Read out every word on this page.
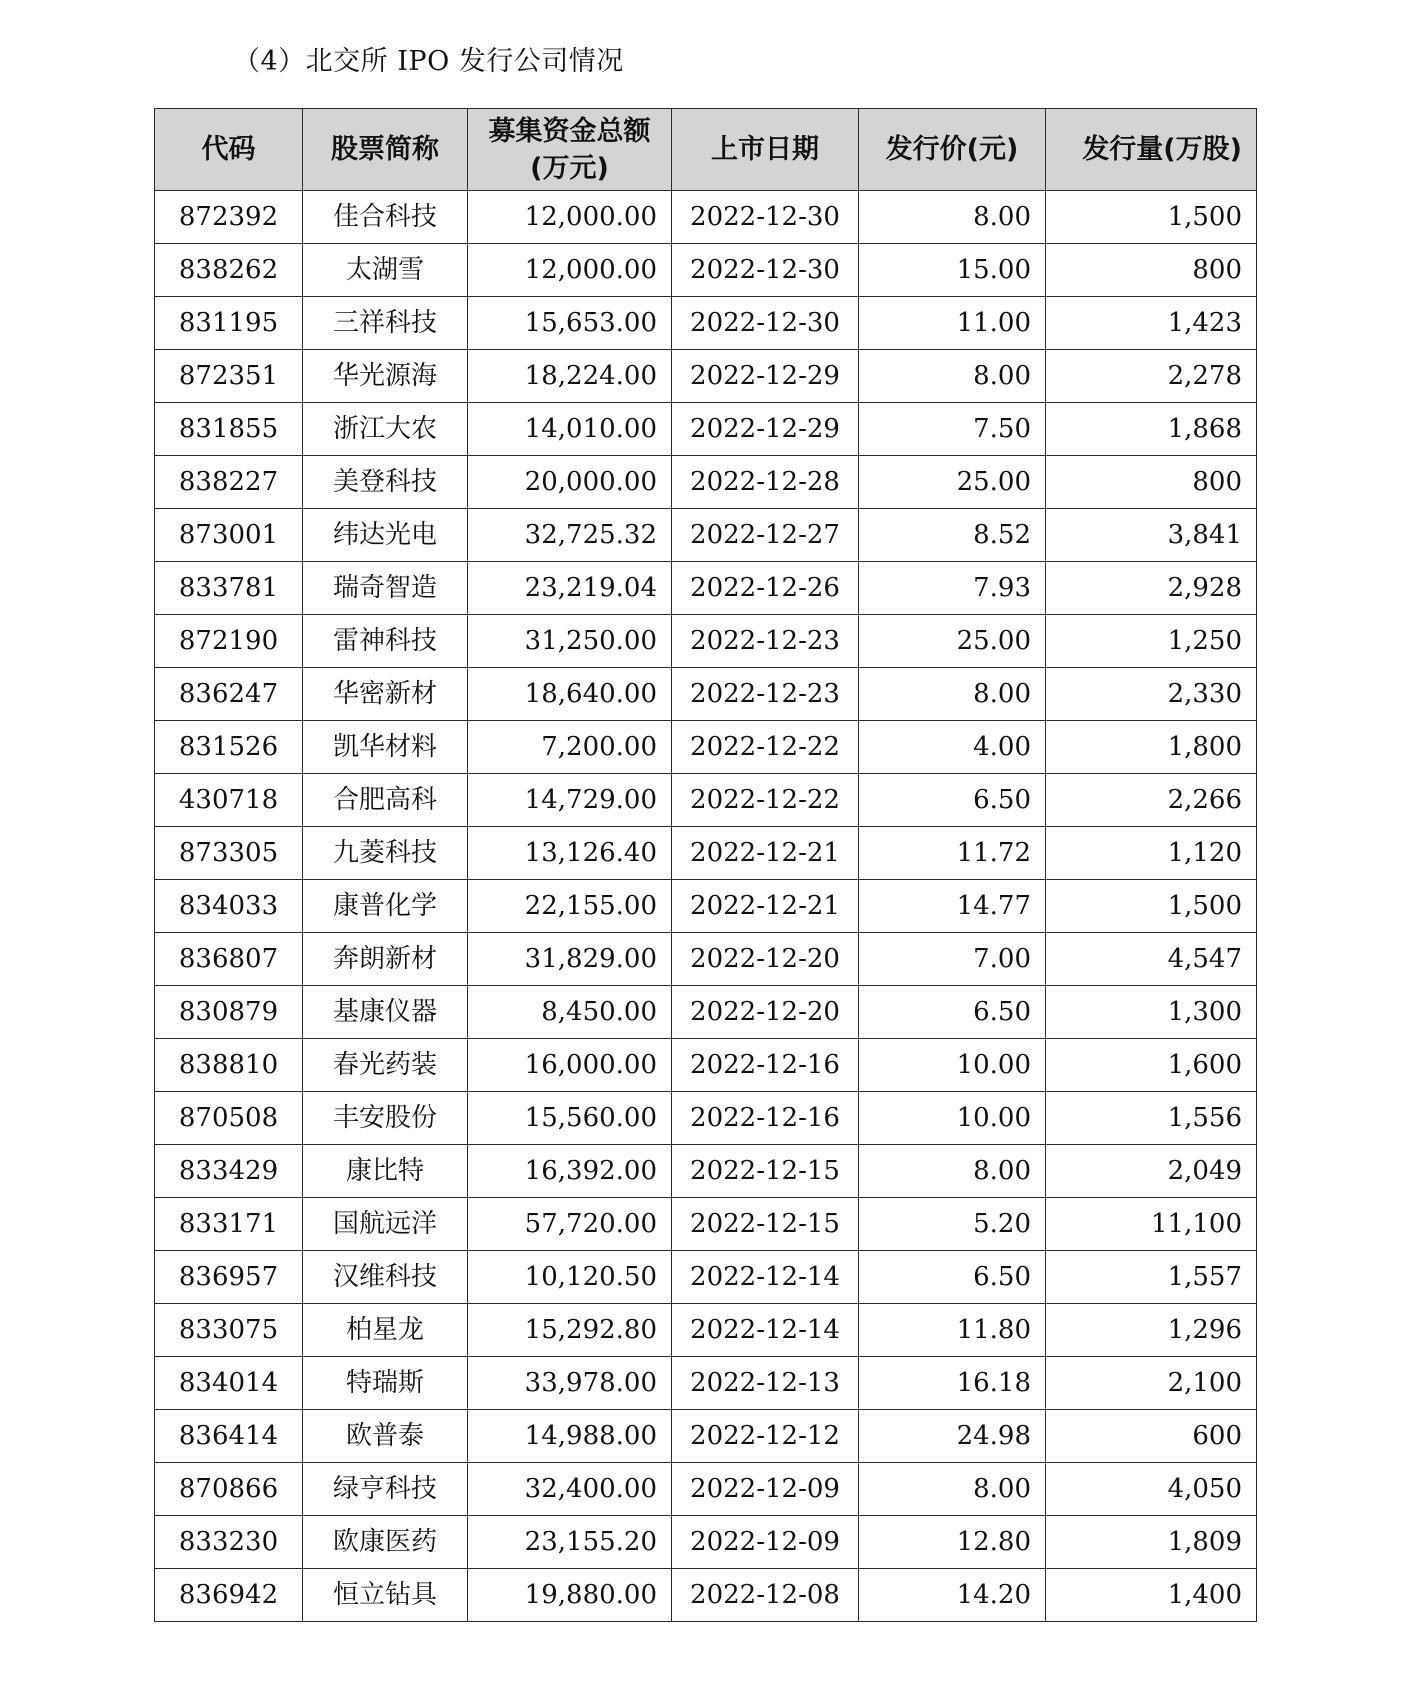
（4）北交所 IPO 发行公司情况
代码	股票简称	募集资金总额(万元)	上市日期	发行价(元)	发行量(万股)
872392	佳合科技	12,000.00	2022-12-30	8.00	1,500
838262	太湖雪	12,000.00	2022-12-30	15.00	800
831195	三祥科技	15,653.00	2022-12-30	11.00	1,423
872351	华光源海	18,224.00	2022-12-29	8.00	2,278
831855	浙江大农	14,010.00	2022-12-29	7.50	1,868
838227	美登科技	20,000.00	2022-12-28	25.00	800
873001	纬达光电	32,725.32	2022-12-27	8.52	3,841
833781	瑞奇智造	23,219.04	2022-12-26	7.93	2,928
872190	雷神科技	31,250.00	2022-12-23	25.00	1,250
836247	华密新材	18,640.00	2022-12-23	8.00	2,330
831526	凯华材料	7,200.00	2022-12-22	4.00	1,800
430718	合肥高科	14,729.00	2022-12-22	6.50	2,266
873305	九菱科技	13,126.40	2022-12-21	11.72	1,120
834033	康普化学	22,155.00	2022-12-21	14.77	1,500
836807	奔朗新材	31,829.00	2022-12-20	7.00	4,547
830879	基康仪器	8,450.00	2022-12-20	6.50	1,300
838810	春光药装	16,000.00	2022-12-16	10.00	1,600
870508	丰安股份	15,560.00	2022-12-16	10.00	1,556
833429	康比特	16,392.00	2022-12-15	8.00	2,049
833171	国航远洋	57,720.00	2022-12-15	5.20	11,100
836957	汉维科技	10,120.50	2022-12-14	6.50	1,557
833075	柏星龙	15,292.80	2022-12-14	11.80	1,296
834014	特瑞斯	33,978.00	2022-12-13	16.18	2,100
836414	欧普泰	14,988.00	2022-12-12	24.98	600
870866	绿亨科技	32,400.00	2022-12-09	8.00	4,050
833230	欧康医药	23,155.20	2022-12-09	12.80	1,809
836942	恒立钻具	19,880.00	2022-12-08	14.20	1,400
